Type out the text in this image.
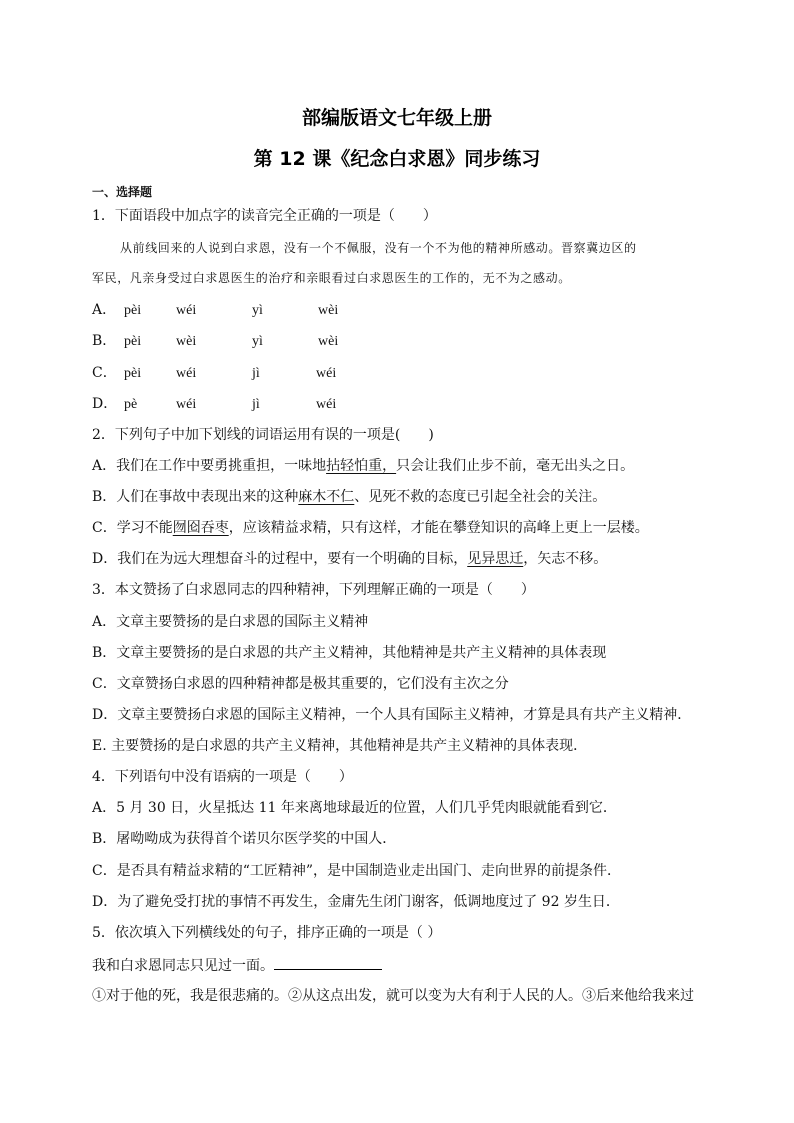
部编版语文七年级上册
第 12 课《纪念白求恩》同步练习
一、选择题
1．下面语段中加点字的读音完全正确的一项是（　　）
从前线回来的人说到白求恩，没有一个不佩服，没有一个不为他的精神所感动。晋察冀边区的
军民，凡亲身受过白求恩医生的治疗和亲眼看过白求恩医生的工作的，无不为之感动。
A． pèi wéi	yì	wèi
B． pèi wèi	yì	wèi
C． pèi wéi	jì	wéi
D． pè	wéi	jì	wéi
2．下列句子中加下划线的词语运用有误的一项是(　　)
A．我们在工作中要勇挑重担，一味地拈轻怕重，只会让我们止步不前，毫无出头之日。
B．人们在事故中表现出来的这种麻木不仁、见死不救的态度已引起全社会的关注。
C．学习不能囫囵吞枣，应该精益求精，只有这样，才能在攀登知识的高峰上更上一层楼。
D．我们在为远大理想奋斗的过程中，要有一个明确的目标，见异思迁，矢志不移。
3．本文赞扬了白求恩同志的四种精神，下列理解正确的一项是（　　）
A．文章主要赞扬的是白求恩的国际主义精神
B．文章主要赞扬的是白求恩的共产主义精神，其他精神是共产主义精神的具体表现
C．文章赞扬白求恩的四种精神都是极其重要的，它们没有主次之分
D．文章主要赞扬白求恩的国际主义精神，一个人具有国际主义精神，才算是具有共产主义精神．
E. 主要赞扬的是白求恩的共产主义精神，其他精神是共产主义精神的具体表现．
4．下列语句中没有语病的一项是（　　）
A．5 月 30 日，火星抵达 11 年来离地球最近的位置，人们几乎凭肉眼就能看到它．
B．屠呦呦成为获得首个诺贝尔医学奖的中国人．
C．是否具有精益求精的“工匠精神”，是中国制造业走出国门、走向世界的前提条件．
D．为了避免受打扰的事情不再发生，金庸先生闭门谢客，低调地度过了 92 岁生日．
5．依次填入下列横线处的句子，排序正确的一项是（ ）
我和白求恩同志只见过一面。
①对于他的死，我是很悲痛的。②从这点出发，就可以变为大有利于人民的人。③后来他给我来过
